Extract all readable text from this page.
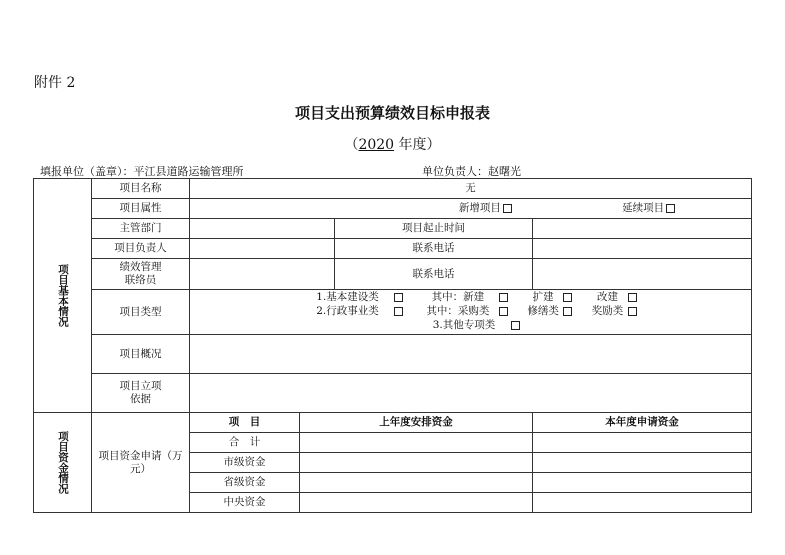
附件 2
项目支出预算绩效目标申报表
（2020 年度）
填报单位（盖章）：平江县道路运输管理所	单位负责人：赵曙光
项目基本情况	项目名称	无			
	项目属性	新增项目 延续项目			
	主管部门			项目起止时间	
	项目负责人			联系电话	

	绩效管理
联络员			联系电话	
	项目类型	1.基本建设类 其中：新建 扩建 改建
2.行政事业类 其中：采购类 修缮类 奖励类
3.其他专项类			

	项目概况				

	项目立项
依据				

项目资金情况	项目资金申请（万元）	项　目	上年度安排资金		本年度申请资金
		合　计			
		市级资金			
		省级资金			
		中央资金			
